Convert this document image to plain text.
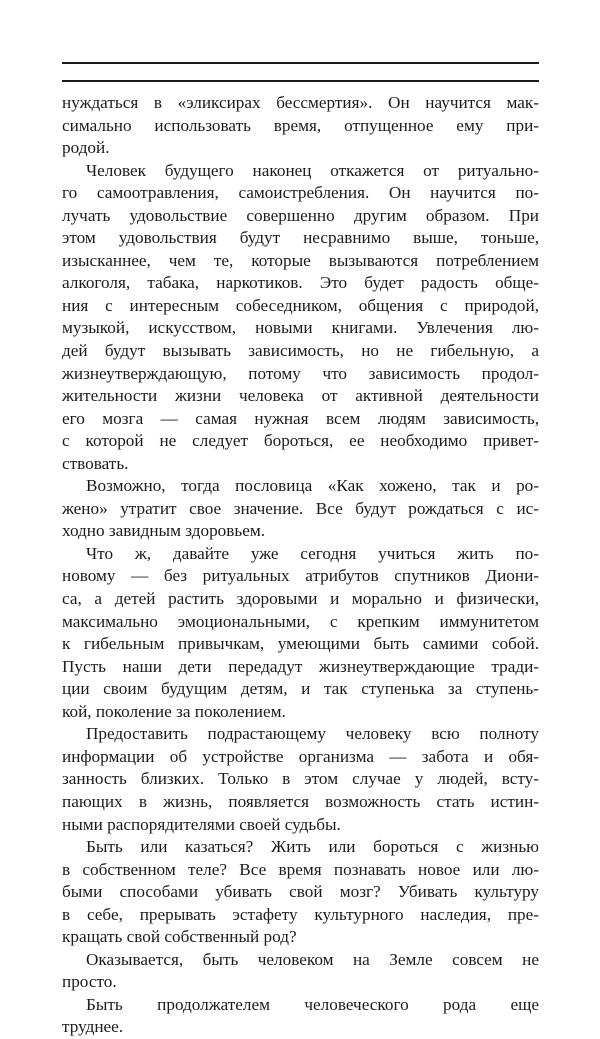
нуждаться в «эликсирах бессмертия». Он научится мак-
симально использовать время, отпущенное ему при-
родой.

Человек будущего наконец откажется от ритуально-
го самоотравления, самоистребления. Он научится по-
лучать удовольствие совершенно другим образом. При
этом удовольствия будут несравнимо выше, тоньше,
изысканнее, чем те, которые вызываются потреблением
алкоголя, табака, наркотиков. Это будет радость обще-
ния с интересным собеседником, общения с природой,
музыкой, искусством, новыми книгами. Увлечения лю-
дей будут вызывать зависимость, но не гибельную, а
жизнеутверждающую, потому что зависимость продол-
жительности жизни человека от активной деятельности
его мозга — самая нужная всем людям зависимость,
с которой не следует бороться, ее необходимо привет-
ствовать.

Возможно, тогда пословица «Как хожено, так и ро-
жено» утратит свое значение. Все будут рождаться с ис-
ходно завидным здоровьем.

Что ж, давайте уже сегодня учиться жить по-
новому — без ритуальных атрибутов спутников Диони-
са, а детей растить здоровыми и морально и физически,
максимально эмоциональными, с крепким иммунитетом
к гибельным привычкам, умеющими быть самими собой.
Пусть наши дети передадут жизнеутверждающие тради-
ции своим будущим детям, и так ступенька за ступень-
кой, поколение за поколением.

Предоставить подрастающему человеку всю полноту
информации об устройстве организма — забота и обя-
занность близких. Только в этом случае у людей, всту-
пающих в жизнь, появляется возможность стать истин-
ными распорядителями своей судьбы.

Быть или казаться? Жить или бороться с жизнью
в собственном теле? Все время познавать новое или лю-
быми способами убивать свой мозг? Убивать культуру
в себе, прерывать эстафету культурного наследия, пре-
кращать свой собственный род?

Оказывается, быть человеком на Земле совсем не
просто.

Быть продолжателем человеческого рода еще
труднее.
